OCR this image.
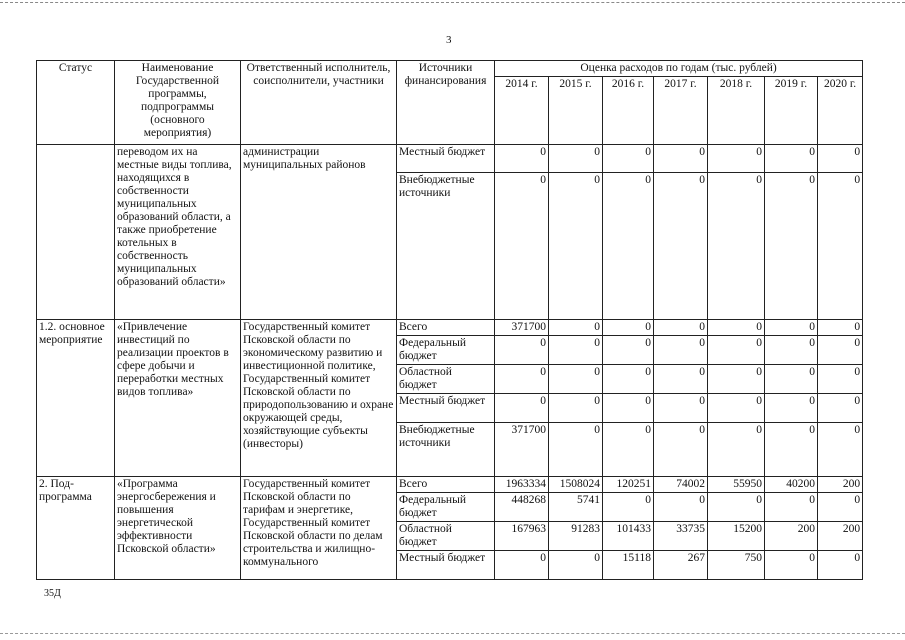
3
Статус	Наименование Государственной программы, подпрограммы (основного мероприятия)	Ответственный исполнитель, соисполнители, участники	Источники финансирования	Оценка расходов по годам (тыс. рублей)						
				2014 г.	2015 г.	2016 г.	2017 г.	2018 г.	2019 г.	2020 г.
	переводом их на местные виды топлива, находящихся в собственности муниципальных образований области, а также приобретение котельных в собственность муниципальных образований области»	администрации муниципальных районов	Местный бюджет	0	0	0	0	0	0	0
			Внебюджетные источники	0	0	0	0	0	0	0
1.2. основное мероприятие	«Привлечение инвестиций по реализации проектов в сфере добычи и переработки местных видов топлива»	Государственный комитет Псковской области по экономическому развитию и инвестиционной политике, Государственный комитет Псковской области по природопользованию и охране окружающей среды, хозяйствующие субъекты (инвесторы)	Всего	371700	0	0	0	0	0	0
			Федеральный бюджет	0	0	0	0	0	0	0
			Областной бюджет	0	0	0	0	0	0	0
			Местный бюджет	0	0	0	0	0	0	0
			Внебюджетные источники	371700	0	0	0	0	0	0
2. Под-программа	«Программа энергосбережения и повышения энергетической эффективности Псковской области»	Государственный комитет Псковской области по тарифам и энергетике, Государственный комитет Псковской области по делам строительства и жилищно-коммунального	Всего	1963334	1508024	120251	74002	55950	40200	200
			Федеральный бюджет	448268	5741	0	0	0	0	0
			Областной бюджет	167963	91283	101433	33735	15200	200	200
			Местный бюджет	0	0	15118	267	750	0	0
35Д
